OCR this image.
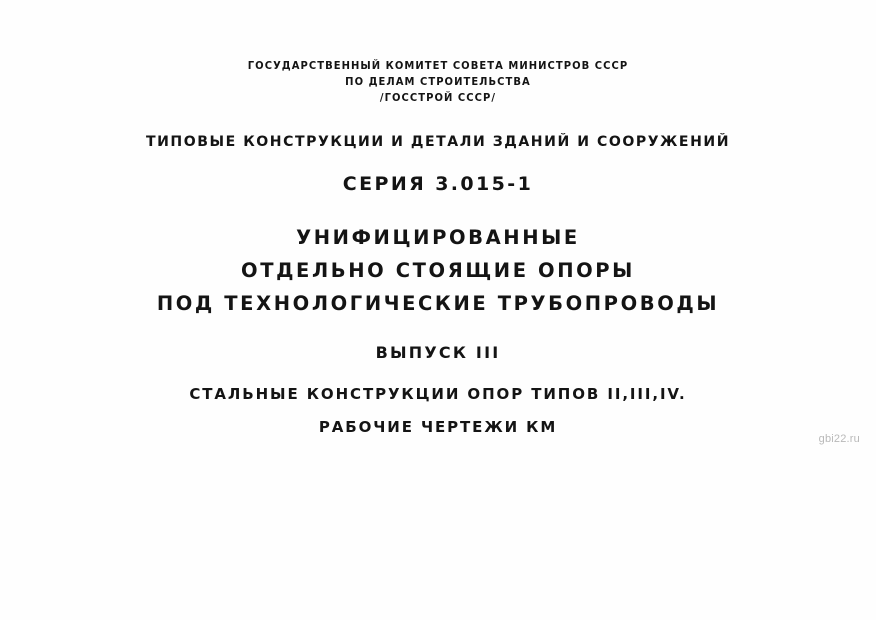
ГОСУДАРСТВЕННЫЙ КОМИТЕТ СОВЕТА МИНИСТРОВ СССР
ПО ДЕЛАМ СТРОИТЕЛЬСТВА
/ГОССТРОЙ СССР/
ТИПОВЫЕ КОНСТРУКЦИИ И ДЕТАЛИ ЗДАНИЙ И СООРУЖЕНИЙ
СЕРИЯ 3.015-1
УНИФИЦИРОВАННЫЕ
ОТДЕЛЬНО СТОЯЩИЕ ОПОРЫ
ПОД ТЕХНОЛОГИЧЕСКИЕ ТРУБОПРОВОДЫ
ВЫПУСК III
СТАЛЬНЫЕ КОНСТРУКЦИИ ОПОР ТИПОВ II,III,IV.
РАБОЧИЕ ЧЕРТЕЖИ КМ
gbi22.ru
